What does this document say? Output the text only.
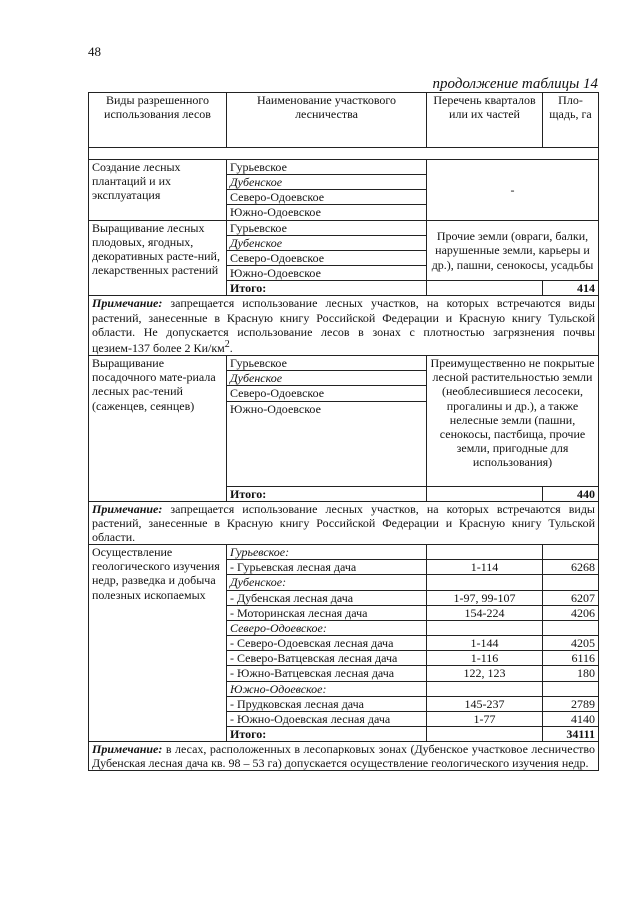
48
продолжение таблицы 14
Виды разрешенного использования лесов	Наименование участкового лесничества	Перечень кварталов или их частей	Пло-щадь, га

Создание лесных плантаций и их эксплуатация	Гурьевское	-	
	Дубенское		
	Северо-Одоевское		
	Южно-Одоевское		
Выращивание лесных плодовых, ягодных, декоративных расте-ний, лекарственных растений	Гурьевское	Прочие земли (овраги, балки, нарушенные земли, карьеры и др.), пашни, сенокосы, усадьбы	
	Дубенское		
	Северо-Одоевское		
	Южно-Одоевское		
	Итого:		414
Примечание: запрещается использование лесных участков, на которых встречаются виды растений, занесенные в Красную книгу Российской Федерации и Красную книгу Тульской области. Не допускается использование лесов в зонах с плотностью загрязнения почвы цезием-137 более 2 $Ки/км^2$.			
Выращивание посадочного мате-риала лесных рас-тений (саженцев, сеянцев)	Гурьевское	Преимущественно не покрытые лесной растительностью земли (необлесившиеся лесосеки, прогалины и др.), а также нелесные земли (пашни, сенокосы, пастбища, прочие земли, пригодные для использования)	
	Дубенское		
	Северо-Одоевское		
	Южно-Одоевское		
	Итого:		440
Примечание: запрещается использование лесных участков, на которых встречаются виды растений, занесенные в Красную книгу Российской Федерации и Красную книгу Тульской области.			
Осуществление геологического изучения недр, разведка и добыча полезных ископаемых	Гурьевское:		
	- Гурьевская лесная дача	1-114	6268
	Дубенское:		
	- Дубенская лесная дача	1-97, 99-107	6207
	- Моторинская лесная дача	154-224	4206
	Северо-Одоевское:		
	- Северо-Одоевская лесная дача	1-144	4205
	- Северо-Ватцевская лесная дача	1-116	6116
	- Южно-Ватцевская лесная дача	122, 123	180
	Южно-Одоевское:		
	- Прудковская лесная дача	145-237	2789
	- Южно-Одоевская лесная дача	1-77	4140
	Итого:		34111
Примечание: в лесах, расположенных в лесопарковых зонах (Дубенское участковое лесничество Дубенская лесная дача кв. 98 – 53 га) допускается осуществление геологического изучения недр.			
